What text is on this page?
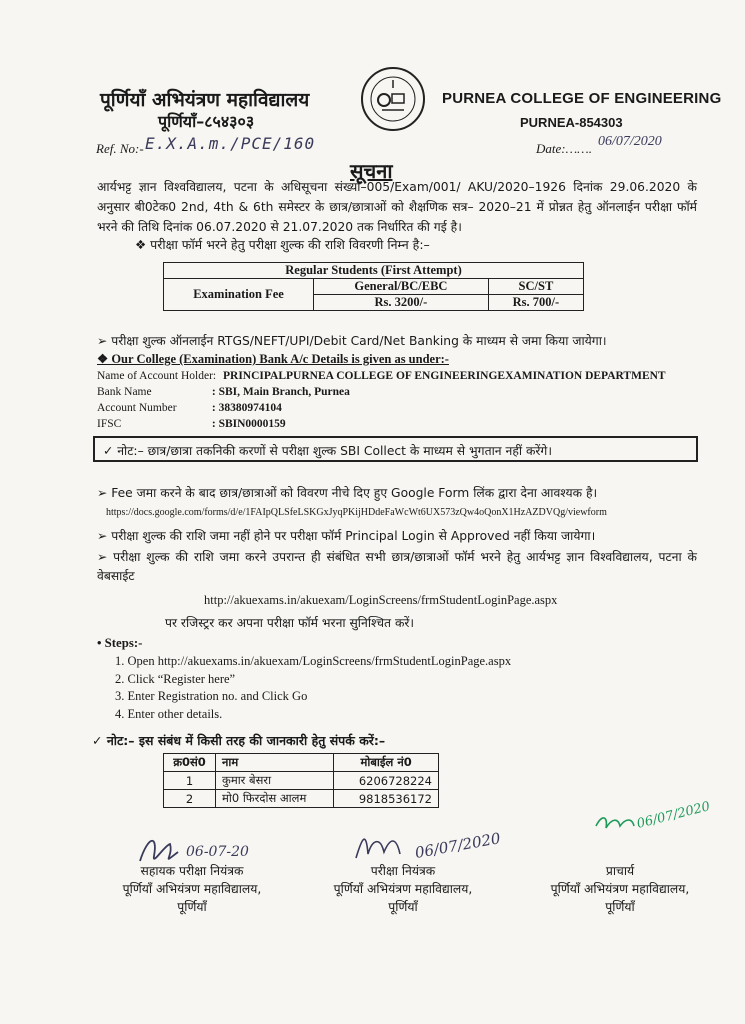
पूर्णियाँ अभियंत्रण महाविद्यालय
पूर्णियाँ–८५४३०३
PURNEA COLLEGE OF ENGINEERING
PURNEA-854303
Ref. No:- E.X.A.m./PCE/160	Date:……. 06/07/2020
सूचना
आर्यभट्ट ज्ञान विश्वविद्यालय, पटना के अधिसूचना संख्या–005/Exam/001/ AKU/2020–1926 दिनांक 29.06.2020 के अनुसार बी0टेक0 2nd, 4th & 6th समेस्टर के छात्र/छात्राओं को शैक्षणिक सत्र– 2020–21 में प्रोन्नत हेतु ऑनलाईन परीक्षा फॉर्म भरने की तिथि दिनांक 06.07.2020 से 21.07.2020 तक निर्धारित की गई है।
❖ परीक्षा फॉर्म भरने हेतु परीक्षा शुल्क की राशि विवरणी निम्न है:–
Regular Students (First Attempt)		
Examination Fee	General/BC/EBC	SC/ST
	Rs. 3200/-	Rs. 700/-
➢ परीक्षा शुल्क ऑनलाईन RTGS/NEFT/UPI/Debit Card/Net Banking के माध्यम से जमा किया जायेगा।
❖ Our College (Examination) Bank A/c Details is given as under:-
Name of Account Holder: PRINCIPALPURNEA COLLEGE OF ENGINEERINGEXAMINATION DEPARTMENT
Bank Name	: SBI, Main Branch, Purnea
Account Number	: 38380974104
IFSC	: SBIN0000159
✓ नोट:– छात्र/छात्रा तकनिकी करणों से परीक्षा शुल्क SBI Collect के माध्यम से भुगतान नहीं करेंगे।
➢ Fee जमा करने के बाद छात्र/छात्राओं को विवरण नीचे दिए हुए Google Form लिंक द्वारा देना आवश्यक है।
https://docs.google.com/forms/d/e/1FAIpQLSfeLSKGxJyqPKijHDdeFaWcWt6UX573zQw4oQonX1HzAZDVQg/viewform
➢ परीक्षा शुल्क की राशि जमा नहीं होने पर परीक्षा फॉर्म Principal Login से Approved नहीं किया जायेगा।
➢ परीक्षा शुल्क की राशि जमा करने उपरान्त ही संबंधित सभी छात्र/छात्राओं फॉर्म भरने हेतु आर्यभट्ट ज्ञान विश्वविद्यालय, पटना के वेबसाईट
http://akuexams.in/akuexam/LoginScreens/frmStudentLoginPage.aspx
पर रजिस्ट्रर कर अपना परीक्षा फॉर्म भरना सुनिश्चित करें।
• Steps:-
1. Open http://akuexams.in/akuexam/LoginScreens/frmStudentLoginPage.aspx
2. Click “Register here”
3. Enter Registration no. and Click Go
4. Enter other details.
✓ नोट:– इस संबंध में किसी तरह की जानकारी हेतु संपर्क करें:–
क्र0सं0	नाम	मोबाईल नं0
1	कुमार बेसरा	6206728224
2	मो0 फिरदोस आलम	9818536172
06-07-20	06/07/2020
06/07/2020
सहायक परीक्षा नियंत्रक
पूर्णियाँ अभियंत्रण महाविद्यालय,
पूर्णियाँ
परीक्षा नियंत्रक
पूर्णियाँ अभियंत्रण महाविद्यालय,
पूर्णियाँ
प्राचार्य
पूर्णियाँ अभियंत्रण महाविद्यालय,
पूर्णियाँ
